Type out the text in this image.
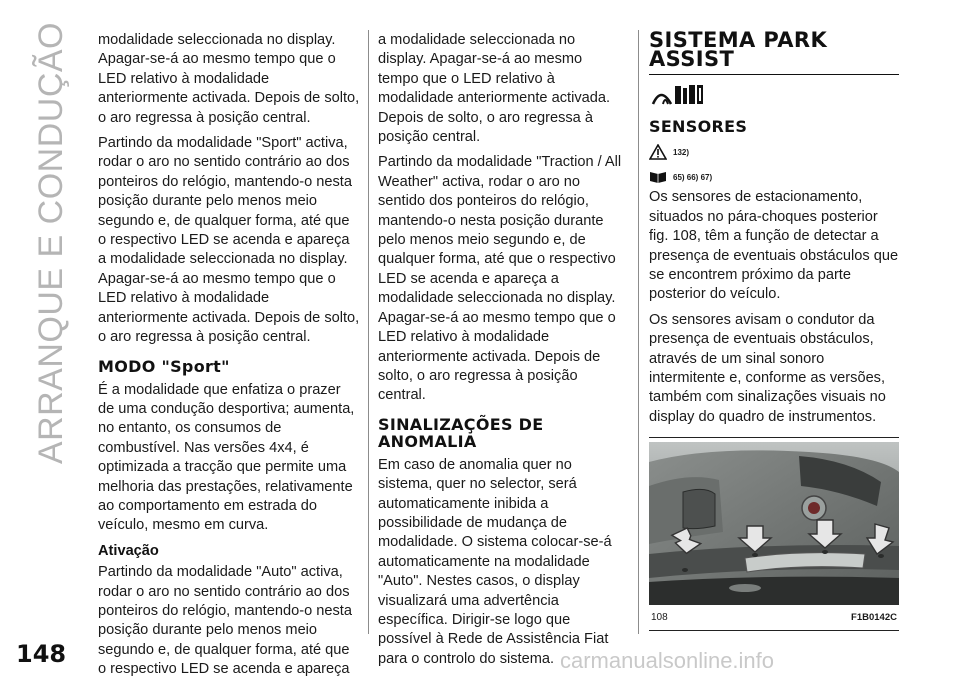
ARRANQUE E CONDUÇÃO modalidade seleccionada no display. Apagar-se-á ao mesmo tempo que o LED relativo à modalidade anteriormente activada. Depois de solto, o aro regressa à posição central.

Partindo da modalidade "Sport" activa, rodar o aro no sentido contrário ao dos ponteiros do relógio, mantendo-o nesta posição durante pelo menos meio segundo e, de qualquer forma, até que o respectivo LED se acenda e apareça a modalidade seleccionada no display. Apagar-se-á ao mesmo tempo que o LED relativo à modalidade anteriormente activada. Depois de solto, o aro regressa à posição central.

MODO "Sport"

É a modalidade que enfatiza o prazer de uma condução desportiva; aumenta, no entanto, os consumos de combustível. Nas versões 4x4, é optimizada a tracção que permite uma melhoria das prestações, relativamente ao comportamento em estrada do veículo, mesmo em curva.

Ativação

Partindo da modalidade "Auto" activa, rodar o aro no sentido contrário ao dos ponteiros do relógio, mantendo-o nesta posição durante pelo menos meio segundo e, de qualquer forma, até que o respectivo LED se acenda e apareça

a modalidade seleccionada no display. Apagar-se-á ao mesmo tempo que o LED relativo à modalidade anteriormente activada. Depois de solto, o aro regressa à posição central.

Partindo da modalidade "Traction / All Weather" activa, rodar o aro no sentido dos ponteiros do relógio, mantendo-o nesta posição durante pelo menos meio segundo e, de qualquer forma, até que o respectivo LED se acenda e apareça a modalidade seleccionada no display. Apagar-se-á ao mesmo tempo que o LED relativo à modalidade anteriormente activada. Depois de solto, o aro regressa à posição central.

SINALIZAÇÕES DE ANOMALIA

Em caso de anomalia quer no sistema, quer no selector, será automaticamente inibida a possibilidade de mudança de modalidade. O sistema colocar-se-á automaticamente na modalidade "Auto". Nestes casos, o display visualizará uma advertência específica. Dirigir-se logo que possível à Rede de Assistência Fiat para o controlo do sistema.

SISTEMA PARK ASSIST
SENSORES
132)
65) 66) 67)

Os sensores de estacionamento, situados no pára-choques posterior fig. 108, têm a função de detectar a presença de eventuais obstáculos que se encontrem próximo da parte posterior do veículo.

Os sensores avisam o condutor da presença de eventuais obstáculos, através de um sinal sonoro intermitente e, conforme as versões, também com sinalizações visuais no display do quadro de instrumentos.

108	F1B0142C
148	carmanualsonline.info
